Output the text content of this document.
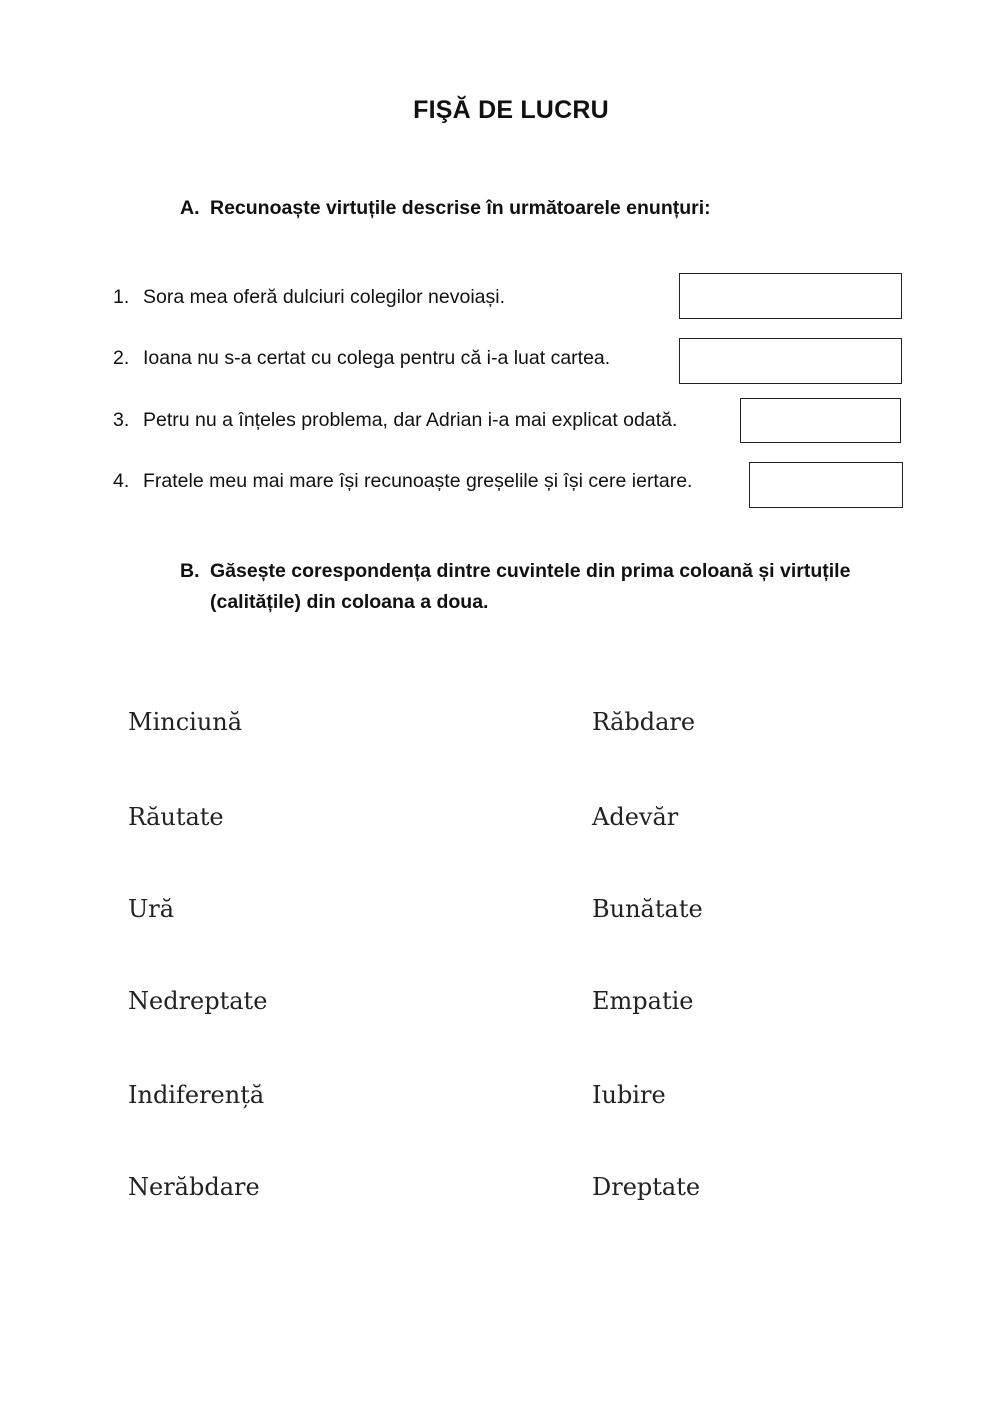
FIŞĂ DE LUCRU
A. Recunoaște virtuțile descrise în următoarele enunțuri:
1. Sora mea oferă dulciuri colegilor nevoiași.
2. Ioana nu s-a certat cu colega pentru că i-a luat cartea.
3. Petru nu a înțeles problema, dar Adrian i-a mai explicat odată.
4. Fratele meu mai mare își recunoaște greșelile și își cere iertare.
B. Găsește corespondența dintre cuvintele din prima coloană și virtuțile (calitățile) din coloana a doua.
Minciună
Răutate
Ură
Nedreptate
Indiferență
Nerăbdare
Răbdare
Adevăr
Bunătate
Empatie
Iubire
Dreptate
